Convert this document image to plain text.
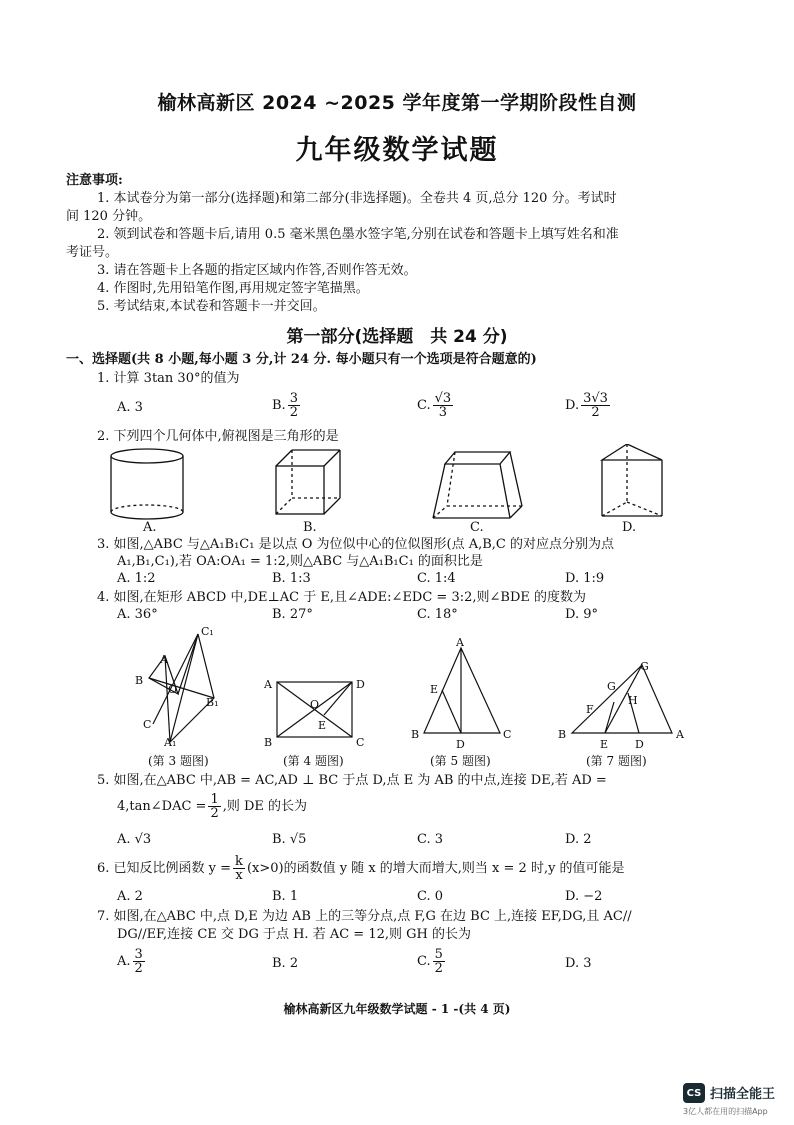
榆林高新区 2024 ~2025 学年度第一学期阶段性自测
九年级数学试题
注意事项:
1. 本试卷分为第一部分(选择题)和第二部分(非选择题)。全卷共 4 页,总分 120 分。考试时
间 120 分钟。
2. 领到试卷和答题卡后,请用 0.5 毫米黑色墨水签字笔,分别在试卷和答题卡上填写姓名和准
考证号。
3. 请在答题卡上各题的指定区域内作答,否则作答无效。
4. 作图时,先用铅笔作图,再用规定签字笔描黑。
5. 考试结束,本试卷和答题卡一并交回。
第一部分(选择题　共 24 分)
一、选择题(共 8 小题,每小题 3 分,计 24 分. 每小题只有一个选项是符合题意的)
1. 计算 3tan 30°的值为
A. 3	B. $\frac{3}{2}$	C. $\frac{√3}{3}$	D. $\frac{3√3}{2}$
2. 下列四个几何体中,俯视图是三角形的是
A.	B.	C.	D.
3. 如图,△ABC 与△A₁B₁C₁ 是以点 O 为位似中心的位似图形(点 A,B,C 的对应点分别为点
A₁,B₁,C₁),若 OA:OA₁ = 1:2,则△ABC 与△A₁B₁C₁ 的面积比是
A. 1:2	B. 1:3	C. 1:4	D. 1:9
4. 如图,在矩形 ABCD 中,DE⊥AC 于 E,且∠ADE:∠EDC = 3:2,则∠BDE 的度数为
A. 36°	B. 27°	C. 18°	D. 9°
C₁
A
B
O
B₁
C
A₁
A	D
O
E
B	C
A
E
B
D
C
G
G
H
F
B
E D
A
(第 3 题图)	(第 4 题图)	(第 5 题图)	(第 7 题图)
5. 如图,在△ABC 中,AB = AC,AD ⊥ BC 于点 D,点 E 为 AB 的中点,连接 DE,若 AD =
4,tan∠DAC = $\frac{1}{2}$ ,则 DE 的长为
A. √3	B. √5	C. 3	D. 2
6. 已知反比例函数 $y = \frac{k}{x} (x>0)$的函数值 y 随 x 的增大而增大,则当 x = 2 时,y 的值可能是
A. 2	B. 1	C. 0	D. −2
7. 如图,在△ABC 中,点 D,E 为边 AB 上的三等分点,点 F,G 在边 BC 上,连接 EF,DG,且 AC//
DG//EF,连接 CE 交 DG 于点 H. 若 AC = 12,则 GH 的长为
A. $\frac{3}{2}$	B. 2	C. $\frac{5}{2}$	D. 3
榆林高新区九年级数学试题 - 1 -(共 4 页)
CS 扫描全能王
3亿人都在用的扫描App
